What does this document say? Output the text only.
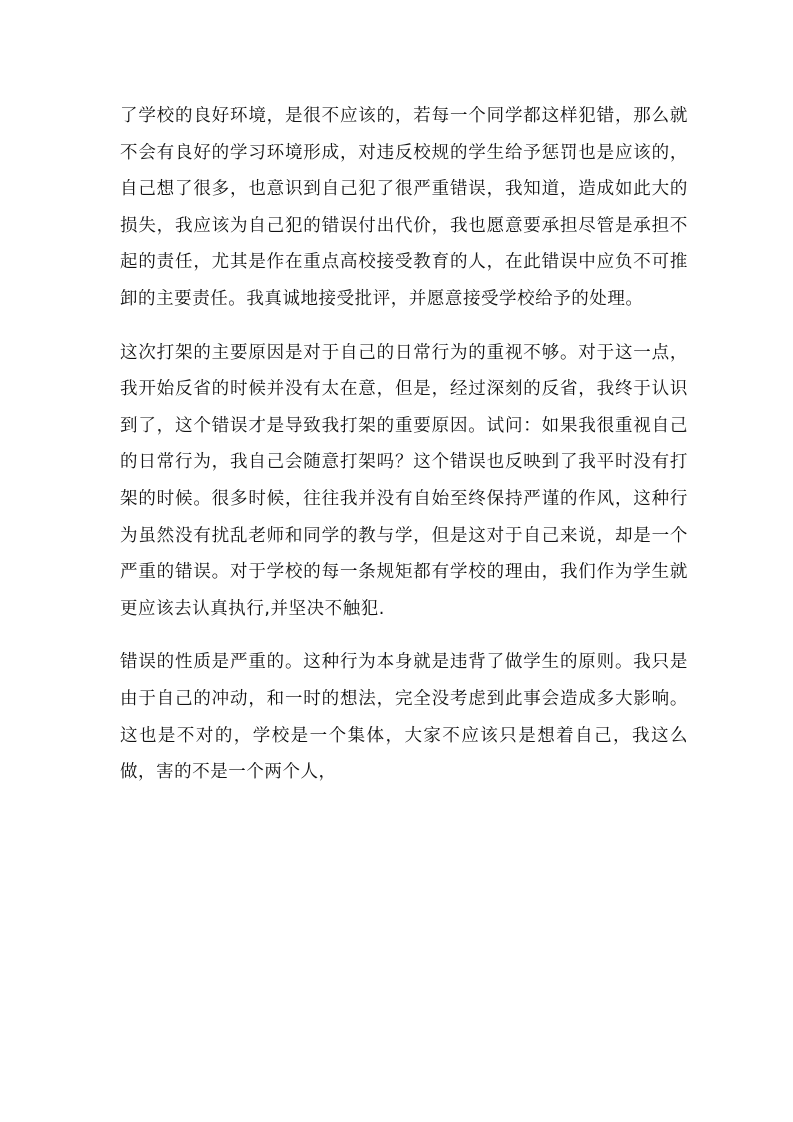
了学校的良好环境，是很不应该的，若每一个同学都这样犯错，那么就不会有良好的学习环境形成，对违反校规的学生给予惩罚也是应该的，自己想了很多，也意识到自己犯了很严重错误，我知道，造成如此大的损失，我应该为自己犯的错误付出代价，我也愿意要承担尽管是承担不起的责任，尤其是作在重点高校接受教育的人，在此错误中应负不可推卸的主要责任。我真诚地接受批评，并愿意接受学校给予的处理。

这次打架的主要原因是对于自己的日常行为的重视不够。对于这一点，我开始反省的时候并没有太在意，但是，经过深刻的反省，我终于认识到了，这个错误才是导致我打架的重要原因。试问：如果我很重视自己的日常行为，我自己会随意打架吗？这个错误也反映到了我平时没有打架的时候。很多时候，往往我并没有自始至终保持严谨的作风，这种行为虽然没有扰乱老师和同学的教与学，但是这对于自己来说，却是一个严重的错误。对于学校的每一条规矩都有学校的理由，我们作为学生就更应该去认真执行,并坚决不触犯.

错误的性质是严重的。这种行为本身就是违背了做学生的原则。我只是由于自己的冲动，和一时的想法，完全没考虑到此事会造成多大影响。这也是不对的，学校是一个集体，大家不应该只是想着自己，我这么做，害的不是一个两个人，
